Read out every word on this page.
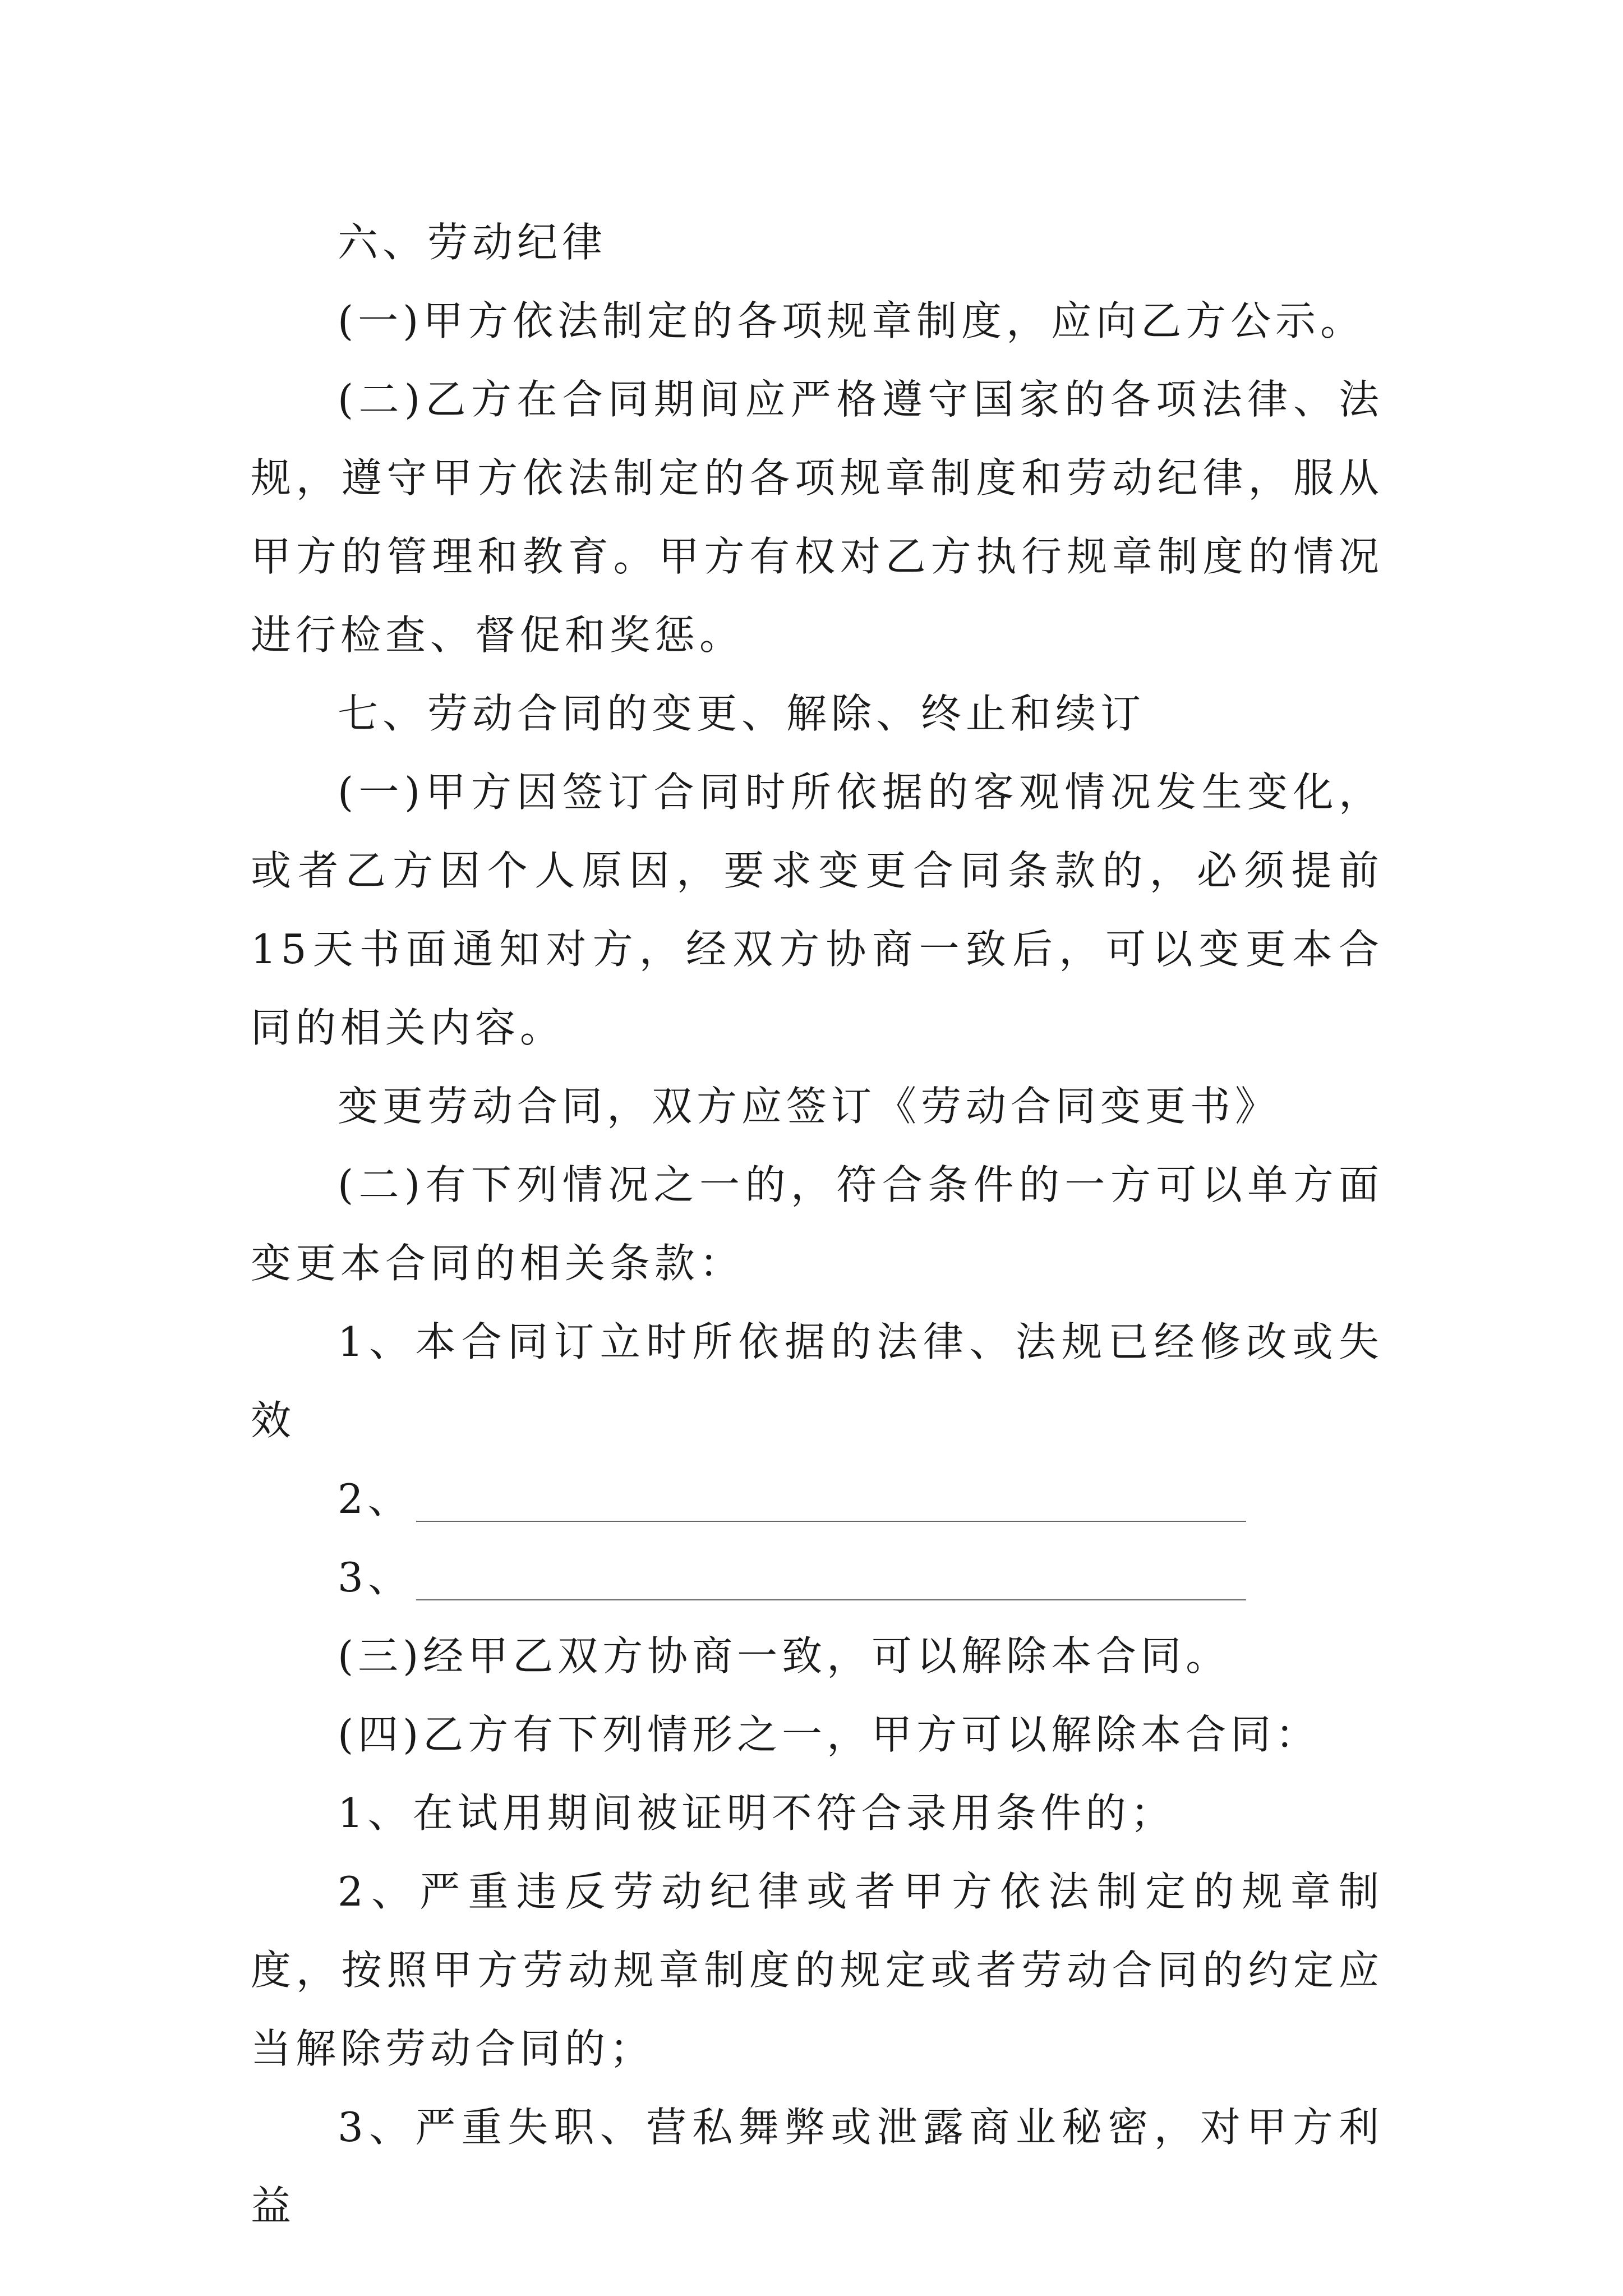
六、劳动纪律

(一)甲方依法制定的各项规章制度，应向乙方公示。

(二)乙方在合同期间应严格遵守国家的各项法律、法规，遵守甲方依法制定的各项规章制度和劳动纪律，服从甲方的管理和教育。甲方有权对乙方执行规章制度的情况进行检查、督促和奖惩。

七、劳动合同的变更、解除、终止和续订

(一)甲方因签订合同时所依据的客观情况发生变化，或者乙方因个人原因，要求变更合同条款的，必须提前15天书面通知对方，经双方协商一致后，可以变更本合同的相关内容。

变更劳动合同，双方应签订《劳动合同变更书》

(二)有下列情况之一的，符合条件的一方可以单方面变更本合同的相关条款：

1、本合同订立时所依据的法律、法规已经修改或失效

2、

3、

(三)经甲乙双方协商一致，可以解除本合同。

(四)乙方有下列情形之一，甲方可以解除本合同：

1、在试用期间被证明不符合录用条件的；

2、严重违反劳动纪律或者甲方依法制定的规章制度，按照甲方劳动规章制度的规定或者劳动合同的约定应当解除劳动合同的；

3、严重失职、营私舞弊或泄露商业秘密，对甲方利益
